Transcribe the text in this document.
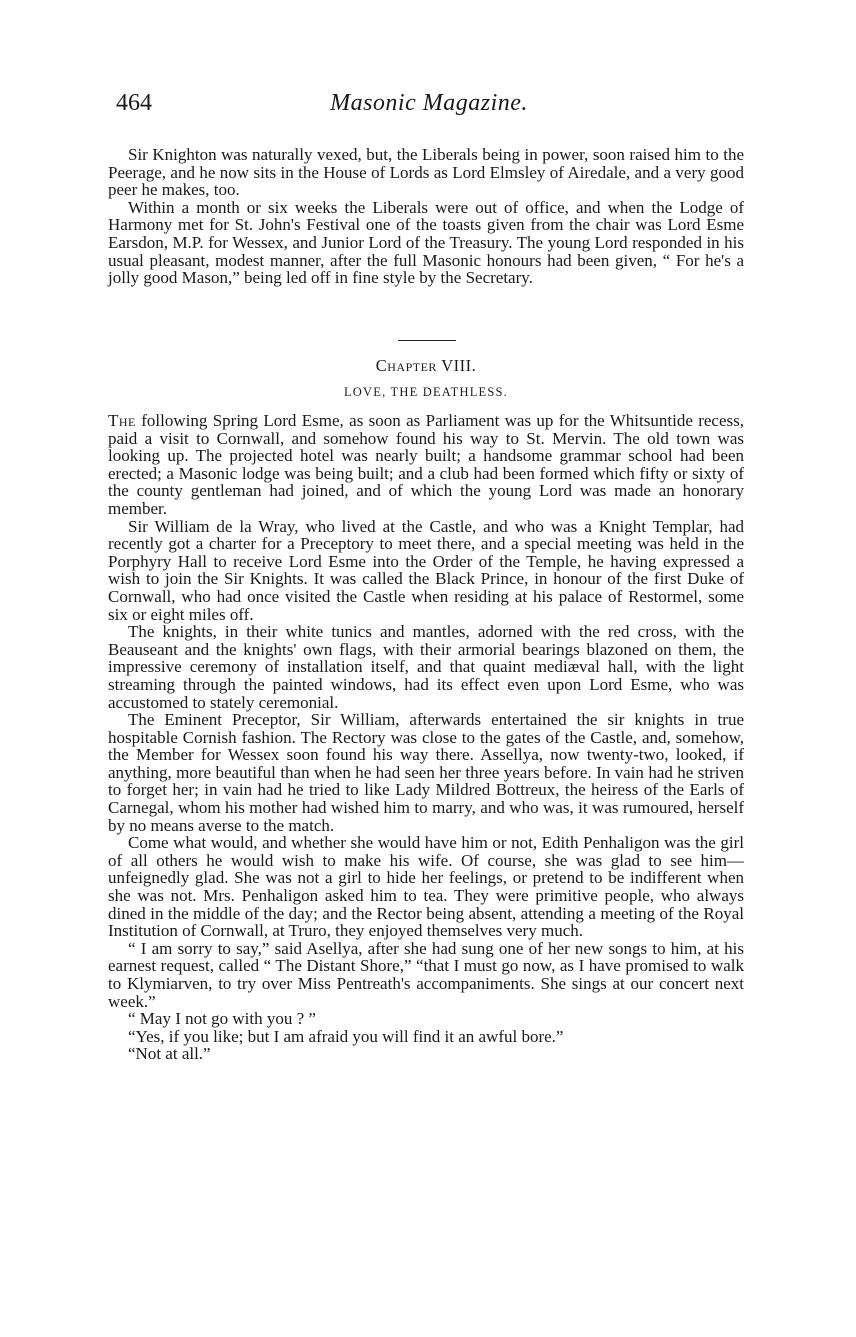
464	Masonic Magazine.

Sir Knighton was naturally vexed, but, the Liberals being in power, soon raised him to the Peerage, and he now sits in the House of Lords as Lord Elmsley of Airedale, and a very good peer he makes, too.

Within a month or six weeks the Liberals were out of office, and when the Lodge of Harmony met for St. John's Festival one of the toasts given from the chair was Lord Esme Earsdon, M.P. for Wessex, and Junior Lord of the Treasury. The young Lord responded in his usual pleasant, modest manner, after the full Masonic honours had been given, “ For he's a jolly good Mason,” being led off in fine style by the Secretary.

Chapter VIII.
LOVE, THE DEATHLESS.

The following Spring Lord Esme, as soon as Parliament was up for the Whitsuntide recess, paid a visit to Cornwall, and somehow found his way to St. Mervin. The old town was looking up. The projected hotel was nearly built; a handsome grammar school had been erected; a Masonic lodge was being built; and a club had been formed which fifty or sixty of the county gentleman had joined, and of which the young Lord was made an honorary member.

Sir William de la Wray, who lived at the Castle, and who was a Knight Templar, had recently got a charter for a Preceptory to meet there, and a special meeting was held in the Porphyry Hall to receive Lord Esme into the Order of the Temple, he having expressed a wish to join the Sir Knights. It was called the Black Prince, in honour of the first Duke of Cornwall, who had once visited the Castle when residing at his palace of Restormel, some six or eight miles off.

The knights, in their white tunics and mantles, adorned with the red cross, with the Beauseant and the knights' own flags, with their armorial bearings blazoned on them, the impressive ceremony of installation itself, and that quaint mediæval hall, with the light streaming through the painted windows, had its effect even upon Lord Esme, who was accustomed to stately ceremonial.

The Eminent Preceptor, Sir William, afterwards entertained the sir knights in true hospitable Cornish fashion. The Rectory was close to the gates of the Castle, and, somehow, the Member for Wessex soon found his way there. Assellya, now twenty-two, looked, if anything, more beautiful than when he had seen her three years before. In vain had he striven to forget her; in vain had he tried to like Lady Mildred Bottreux, the heiress of the Earls of Carnegal, whom his mother had wished him to marry, and who was, it was rumoured, herself by no means averse to the match.

Come what would, and whether she would have him or not, Edith Penhaligon was the girl of all others he would wish to make his wife. Of course, she was glad to see him—unfeignedly glad. She was not a girl to hide her feelings, or pretend to be indifferent when she was not. Mrs. Penhaligon asked him to tea. They were primitive people, who always dined in the middle of the day; and the Rector being absent, attending a meeting of the Royal Institution of Cornwall, at Truro, they enjoyed themselves very much.

“ I am sorry to say,” said Asellya, after she had sung one of her new songs to him, at his earnest request, called “ The Distant Shore,” “that I must go now, as I have promised to walk to Klymiarven, to try over Miss Pentreath's accompaniments. She sings at our concert next week.”

“ May I not go with you ? ”

“Yes, if you like; but I am afraid you will find it an awful bore.”

“Not at all.”
